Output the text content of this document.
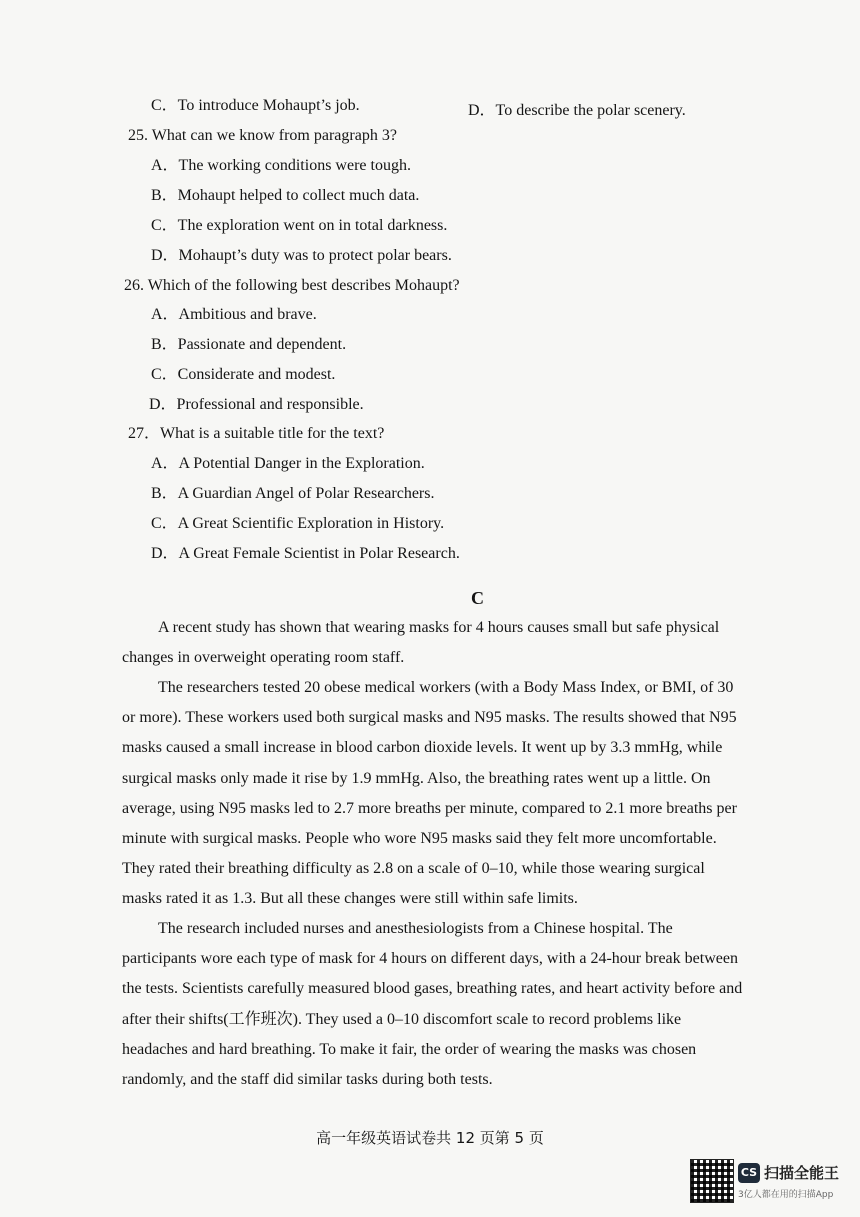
C．To introduce Mohaupt’s job.	D．To describe the polar scenery.
25. What can we know from paragraph 3?
A．The working conditions were tough.
B．Mohaupt helped to collect much data.
C．The exploration went on in total darkness.
D．Mohaupt’s duty was to protect polar bears.
26. Which of the following best describes Mohaupt?
A．Ambitious and brave.
B．Passionate and dependent.
C．Considerate and modest.
D．Professional and responsible.
27．What is a suitable title for the text?
A．A Potential Danger in the Exploration.
B．A Guardian Angel of Polar Researchers.
C．A Great Scientific Exploration in History.
D．A Great Female Scientist in Polar Research.
C
A recent study has shown that wearing masks for 4 hours causes small but safe physical
changes in overweight operating room staff.
The researchers tested 20 obese medical workers (with a Body Mass Index, or BMI, of 30
or more). These workers used both surgical masks and N95 masks. The results showed that N95
masks caused a small increase in blood carbon dioxide levels. It went up by 3.3 mmHg, while
surgical masks only made it rise by 1.9 mmHg. Also, the breathing rates went up a little. On
average, using N95 masks led to 2.7 more breaths per minute, compared to 2.1 more breaths per
minute with surgical masks. People who wore N95 masks said they felt more uncomfortable.
They rated their breathing difficulty as 2.8 on a scale of 0–10, while those wearing surgical
masks rated it as 1.3. But all these changes were still within safe limits.
The research included nurses and anesthesiologists from a Chinese hospital. The
participants wore each type of mask for 4 hours on different days, with a 24-hour break between
the tests. Scientists carefully measured blood gases, breathing rates, and heart activity before and
after their shifts(工作班次). They used a 0–10 discomfort scale to record problems like
headaches and hard breathing. To make it fair, the order of wearing the masks was chosen
randomly, and the staff did similar tasks during both tests.
高一年级英语试卷共 12 页第 5 页
CS 扫描全能王
3亿人都在用的扫描App
